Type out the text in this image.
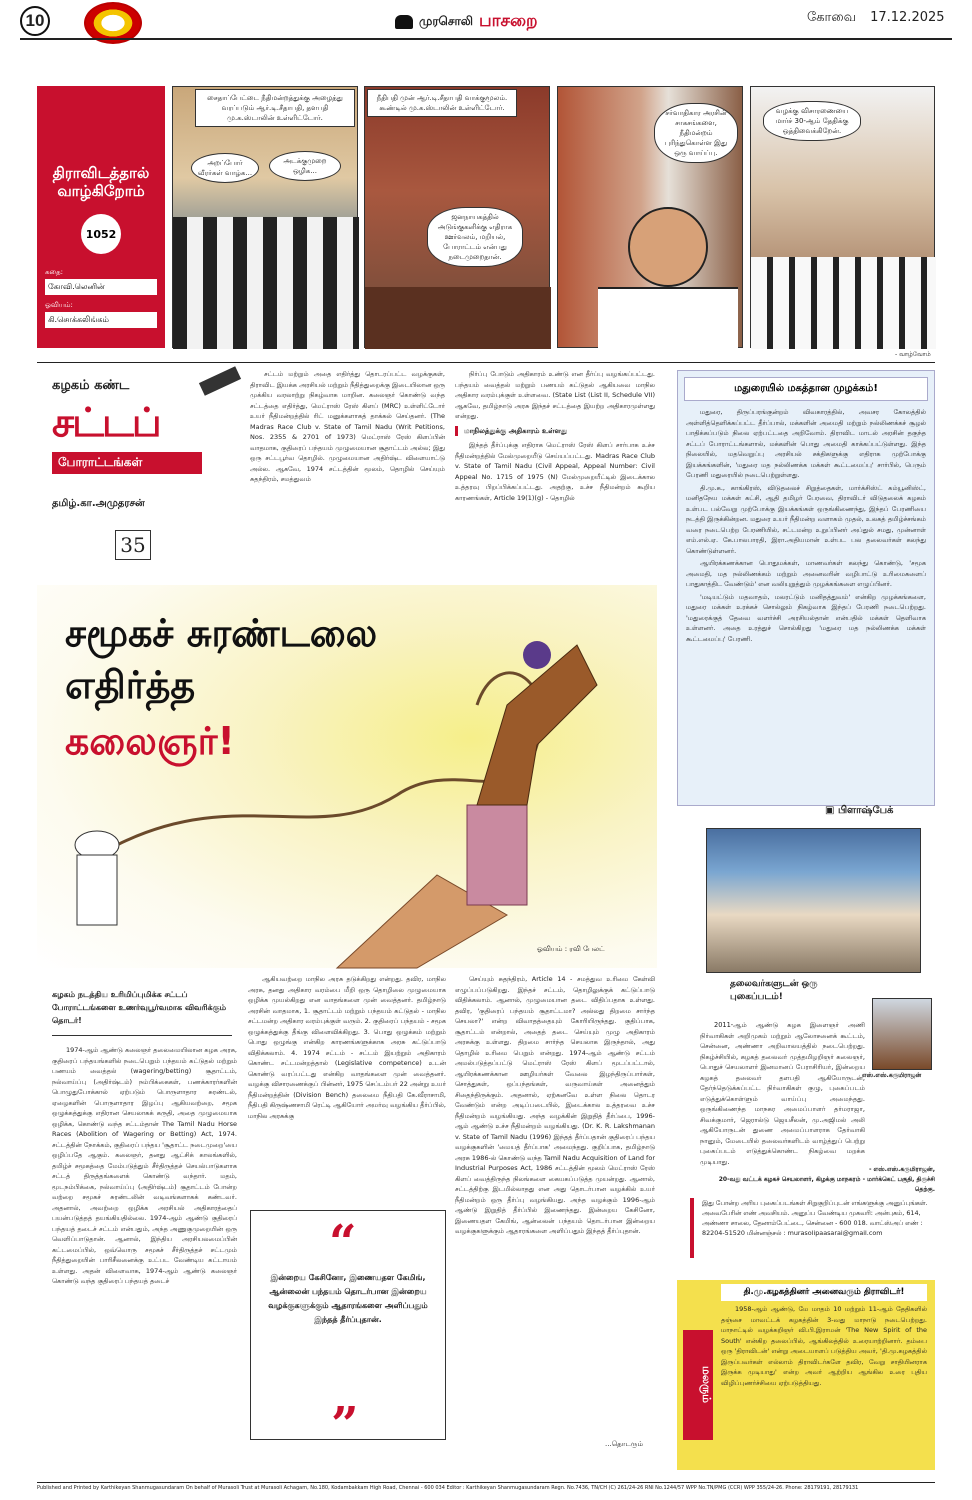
10	முரசொலி பாசறை	கோவை 17.12.2025
திராவிடத்தால் வாழ்கிறோம்
1052
கதை:
கோவி.லெனின்
ஓவியம்:
கி.சொக்கலிங்கம்
சைதாப்பேட்டை நீதிமன்றத்துக்கு அழைத்து வரப்படும் ஆர்.டி.சீதாபதி, தளபதி மு.க.ஸ்டாலின் உள்ளிட்டோர்.
அறப்போர் வீரர்கள் வாழ்க...
அடக்குமுறை ஒழிக...
நீதிபதி முன் ஆர்.டி.சீதாபதி வாக்குமூலம். கூண்டில் மு.க.ஸ்டாலின் உள்ளிட்டோர்.
ஜனநாயகத்தில் அடுங்குகளிக்கு எதிராக ஊர்வலம், மறியல், போராட்டம் என்பது நடைமுறைதான்.
சர்வாதிகார அரசின் சாகசங்களை, நீதிமன்றம் புரிந்துகொள்ள இது ஒரு வாய்ப்பு.
வழக்கு விசாரணையை மார்ச் 30-ஆம் தேதிக்கு ஒத்திவைக்கிறேன்.
- வாழ்வோம்
கழகம் கண்ட
சட்டப்
போராட்டங்கள்
தமிழ்.கா.அமுதரசன்
35

சட்டம் மற்றும் அதை எதிர்த்து தொடரப்பட்ட வழக்குகள், திராவிட இயக்க அரசியல் மற்றும் நீதித்துறைக்கு இடையிலான ஒரு முக்கிய வரலாற்று நிகழ்வாக மாறின. கலைஞர் கொண்டு வந்த சட்டத்தை எதிர்த்து, மெட்ராஸ் ரேஸ் கிளப் (MRC) உள்ளிட்டோர் உயர் நீதிமன்றத்தில் ரிட் மனுக்களாகத் தாக்கல் செய்தனர். (The Madras Race Club v. State of Tamil Nadu (Writ Petitions, Nos. 2355 & 2701 of 1973) மெட்ராஸ் ரேஸ் கிளப்பின் வாதமாக, குதிரைப் பந்தயம் முழுமையான சூதாட்டம் அல்ல; இது ஒரு சட்டபூர்வ தொழில். முழுமையான அதிர்ஷ்ட விளையாட்டு அல்ல. ஆகவே, 1974 சட்டத்தின் மூலம், தொழில் செய்யும் சுதந்திரம், சமத்துவம்

நிர்ப்பு போடும் அதிகாரம் உண்டு என தீர்ப்பு வழங்கப்பட்டது. பந்தயம் வைத்தல் மற்றும் பணயம் கட்டுதல் ஆகியவை மாநில அதிகார வரம்புக்குள் உள்ளவை. (State List (List II, Schedule VII) ஆகவே, தமிழ்நாடு அரசு இந்தச் சட்டத்தை இயற்ற அதிகாரமுள்ளது என்றது.

மாநிலத்துக்கு அதிகாரம் உள்ளது

இந்தத் தீர்ப்புக்கு எதிராக மெட்ராஸ் ரேஸ் கிளப் சார்பாக உச்ச நீதிமன்றத்தில் மேல்முறையீடு செய்யப்பட்டது. Madras Race Club v. State of Tamil Nadu (Civil Appeal, Appeal Number: Civil Appeal No. 1715 of 1975 (N) மேல்முறையீட்டில் இடைக்கால உத்தரவு பிறப்பிக்கப்பட்டது. அதற்கு, உச்ச நீதிமன்றம் கூறிய காரணங்கள், Article 19(1)(g) - தொழில்

சமூகச் சுரண்டலை
எதிர்த்த
கலைஞர்!
ஓவியம் : ரவி பேலட்
கழகம் நடத்திய உரிமிப்புமிக்க சட்டப் போராட்டங்களை உணர்வுபூர்வமாக விவரிக்கும் தொடர்!

1974-ஆம் ஆண்டு கலைஞர் தலைமையிலான கழக அரசு, குதிரைப் பந்தயங்களில் நடைபெறும் பந்தயம் கட்டுதல் மற்றும் பணயம் வைத்தல் (wagering/betting) சூதாட்டம், நல்வாய்ப்பு (அதிர்ஷ்டம்) நம்பிக்கைகள், பணக்காரர்களின் பொழுதுபோக்கால் ஏற்படும் பொருளாதார சுரண்டல், ஏழைகளின் பொருளாதார இழப்பு ஆகியவற்றை, சமூக ஒழுக்கத்துக்கு எதிரான செயலாகக் கருதி, அதை முழுமையாக ஒழிக்க, கொண்டு வந்த சட்டம்தான் The Tamil Nadu Horse Races (Abolition of Wagering or Betting) Act, 1974. சட்டத்தின் நோக்கம், குதிரைப் பந்தய 'சூதாட்ட நடைமுறை'யை ஒழிப்பதே ஆகும். கலைஞர், தனது ஆட்சிக் காலங்களில், தமிழ்ச் சமூகத்தை மேம்படுத்தும் சீர்திருத்தச் செயல்பாடுகளாக சட்டத் திருத்தங்களைக் கொண்டு வந்தார். மதம், மூடநம்பிக்கை, நல்வாய்ப்பு (அதிர்ஷ்டம்) சூதாட்டம் போன்ற வற்றை சமூகச் சுரண்டலின் வடிவங்களாகக் கண்டவர். அதனால், அவற்றை ஒழிக்க அரசியல் அதிகாரத்தைப் பயன்படுத்தத் தயங்கியதில்லை. 1974-ஆம் ஆண்டு குதிரைப் பந்தயத் தடைச் சட்டம் என்பதும், அந்த அணுகுமுறையின் ஒரு வெளிப்பாடுதான். ஆனால், இந்திய அரசியலமைப்பின் கட்டமைப்பில், ஒவ்வொரு சமூகச் சீர்திருத்தச் சட்டமும் நீதித்துறையின் பாரிசீலனைக்கு உட்பட வேண்டிய கட்டாயம் உள்ளது. அதன் விளைவாக, 1974-ஆம் ஆண்டு கலைஞர் கொண்டு வந்த குதிரைப் பந்தயத் தடைச்

ஆகியவற்றை மாநில அரசு தடுக்கிறது என்றது. தவிர, மாநில அரசு, தனது அதிகார வரம்பை மீறி ஒரு தொழிலை முழுமையாக ஒழிக்க முயல்கிறது என வாதங்களை முன் வைத்தனர். தமிழ்நாடு அரசின் வாதமாக, 1. சூதாட்டம் மற்றும் பந்தயம் கட்டுதல் - மாநில சட்டமன்ற அதிகார வரம்புக்குள் வரும். 2. குதிரைப் பந்தயம் - சமூக ஒழுக்கத்துக்கு தீங்கு விளைவிக்கிறது. 3. பொது ஒழுக்கம் மற்றும் பொது ஒழுங்கு என்கிற காரணங்களுக்காக அரசு கட்டுப்பாடு விதிக்கலாம். 4. 1974 சட்டம் - சட்டம் இயற்றும் அதிகாரம் கொண்ட சட்டமன்றத்தால் (Legislative competence) உடன் கொண்டு வரப்பட்டது என்கிற வாதங்களை முன் வைத்தனர். வழக்கு விசாரணைக்குப் பின்னர், 1975 செப்டம்பர் 22 அன்று உயர் நீதிமன்றத்தின் (Division Bench) தலைமை நீதிபதி கே.வீராசாமி, நீதிபதி கிருஷ்ணசாமி ரெட்டி ஆகியோர் அமர்வு வழங்கிய தீர்ப்பில், மாநில அரசுக்கு

“
இன்றைய கேசினோ, இணையதள கேமிங், ஆன்லைன் பந்தயம் தொடர்பான இன்றைய வழக்குகளுக்கும் ஆதாரங்களை அளிப்பதும் இந்தத் தீர்ப்புதான்.
”

செய்யும் சுதந்திரம், Article 14 - சமத்துவ உரிமை கேள்வி எழுப்பப்படுகிறது. இந்தச் சட்டம், தொழிலுக்குக் கட்டுப்பாடு விதிக்கலாம். ஆனால், முழுமையான தடை விதிப்பதாக உள்ளது. தவிர, 'குதிரைப் பந்தயம் சூதாட்டமா? அல்லது திறமை சார்ந்த செயலா?' என்ற விவாதத்தையும் கோரியிருந்தது. குதிப்பாக, சூதாட்டம் என்றால், அதைத் தடை செய்யும் முழு அதிகாரம் அரசுக்கு உள்ளது. திறமை சார்ந்த செயலாக இருந்தால், அது தொழில் உரிமை பெறும் என்றது. 1974-ஆம் ஆண்டு சட்டம் அமல்படுத்தப்பட்டு மெட்ராஸ் ரேஸ் கிளப் மூடப்பட்டால், ஆயிரக்கணக்கான ஊழியர்கள் வேலை இழந்திருப்பார்கள், சொத்துகள், ஒப்பந்தங்கள், வருவாய்கள் அனைத்தும் சிதைந்திருக்கும். அதனால், ஏற்கனவே உள்ள நிலை தொடர வேண்டும் என்ற அடிப்படையில், இடைக்கால உத்தரவை உச்ச நீதிமன்றம் வழங்கியது. அந்த வழக்கின் இறுதித் தீர்ப்பை, 1996-ஆம் ஆண்டு உச்ச நீதிமன்றம் வழங்கியது. (Dr. K. R. Lakshmanan v. State of Tamil Nadu (1996) இந்தத் தீர்ப்பதான் குதிரைப் பந்தய வழக்குகளின் 'மையத் தீர்ப்பாக' அமைந்தது. குறிப்பாக, தமிழ்நாடு அரசு 1986-ல் கொண்டு வந்த Tamil Nadu Acquisition of Land for Industrial Purposes Act, 1986 சட்டத்தின் மூலம் மெட்ராஸ் ரேஸ் கிளப் வைத்திருந்த நிலங்களை கையகப்படுத்த முயன்றது. ஆனால், சட்டத்திற்கு இடமில்லாதது என அது தொடர்பான வழக்கில் உயர் நீதிமன்றம் ஒரு தீர்ப்பு வழங்கியது. அந்த வழக்கும் 1996-ஆம் ஆண்டு இறுதித் தீர்ப்பில் இணைந்தது. இன்றைய கேசினோ, இணையதள கேமிங், ஆன்லைன் பந்தயம் தொடர்பான இன்றைய வழக்குகளுக்கும் ஆதாரங்களை அளிப்பதும் இந்தத் தீர்ப்புதான்.

...தொடரும்
மதுரையில் மகத்தான முழக்கம்!

மதுரை, திருப்பரங்குன்றம் விவகாரத்தில், அவசர கோலத்தில் அள்ளித்தெளிக்கப்பட்ட தீர்ப்பால், மக்களின் அமைதி மற்றும் நல்லிணக்கச் சூழல் பாதிக்கப்படும் நிலை ஏற்பட்டதை அறிவோம். திராவிட மாடல் அரசின் தகுந்த சட்டப் போராட்டங்களால், மக்களின் பொது அமைதி காக்கப்பட்டுள்ளது. இந்த நிலையில், மதவெறுப்பு அரசியல் சக்திகளுக்கு எதிராக முற்போக்கு இயக்கங்களின், 'மதுரை மத நல்லிணக்க மக்கள் கூட்டமைப்பு' சார்பில், பெரும் பேரணி மதுரையில் நடைபெற்றுள்ளது.

தி.மு.க., காங்கிரஸ், விடுதலைச் சிறுத்தைகள், மார்க்சிஸ்ட் கம்யூனிஸ்ட், மனிதநேய மக்கள் கட்சி, ஆதி தமிழர் பேரவை, திராவிடர் விடுதலைக் கழகம் உள்பட பல்வேறு முற்போக்கு இயக்கங்கள் ஒருங்கிணைந்து, இந்தப் பேரணியை நடத்தி இருக்கின்றன. மதுரை உயர் நீதிமன்ற வளாகம் முதல், உலகத் தமிழ்ச்சங்கம் வரை நடைபெற்ற பேரணியில், சட்டமன்ற உறுப்பினர் அப்துல் சமது, முன்னாள் எம்.எல்.ஏ. கே.பாலபாரதி, இரா.அதியமான் உள்பட பல தலைவர்கள் கலந்து கொண்டுள்ளனர்.

ஆயிரக்கணக்கான பொதுமக்கள், மாணவர்கள் கலந்து கொண்டு, 'சமூக அமைதி, மத நல்லிணக்கம் மற்றும் அனைவரின் வழிபாட்டு உரிமைகளைப் பாதுகாத்திட வேண்டும்' என வலியுறுத்தும் முழக்கங்களை எழுப்பினர்.

'மடியட்டும் மதவாதம், மலரட்டும் மனிதத்துவம்' என்கிற முழக்கங்களை, மதுரை மக்கள் உரக்கச் சொல்லும் நிகழ்வாக இந்தப் பேரணி நடைபெற்றது. 'மதுரைக்குத் தேவை வளர்ச்சி அரசியல்தான் என்பதில் மக்கள் தெளிவாக உள்ளனர். அதை உரத்துச் சொல்கிறது 'மதுரை மத நல்லிணக்க மக்கள் கூட்டமைப்பு' பேரணி.

▣ பிளாஷ்பேக்
தலைவர்களுடன் ஒரு புகைப்படம்!
எஸ்.எஸ்.கருமிராஜன்

2011-ஆம் ஆண்டு கழக இளைஞர் அணி நிர்வாகிகள் அறிமுகம் மற்றும் ஆலோசனைக் கூட்டம், சென்னை, அண்ணா அறிவாலயத்தில் நடைபெற்றது. நிகழ்ச்சியில், கழகத் தலைவர் முத்தமிழறிஞர் கலைஞர், பொதுச் செயலாளர் இனமானப் பேராசிரியர், இன்றைய கழகத் தலைவர் தளபதி ஆகியோருடன், தேர்ந்தெடுக்கப்பட்ட நிர்வாகிகள் குழு, புகைப்படம் எடுத்துக்கொள்ளும் வாய்ப்பு அமைந்தது. ஒருங்கிணைந்த மாநகர அமைப்பாளர் தர்மராஜா, சிவக்குமார், ஜெரால்டு ஜெயசீலன், மு.அஜிமல் அலி ஆகியோருடன் துணை அமைப்பாளராக தேர்வாகி நானும், மேடையில் தலைவர்களிடம் வாழ்த்துப் பெற்று புகைப்படம் எடுத்துக்கொண்ட நிகழ்வை மறக்க முடியாது.

- எஸ்.எஸ்.கருமிராஜன்,
20-வது வட்டக் கழகச் செயலாளர், கிழக்கு மாநகரம் - மார்க்கெட் பகுதி, திருச்சி தெற்கு.
இது போன்ற அரிய புகைப்படங்கள் சிறுகுறிப்புடன் எங்களுக்கு அனுப்புங்கள். அவைபேரின் எண் அவசியம். அனுப்ப வேண்டிய முகவரி: அன்புகம், 614, அண்ணா சாலை, தேனாம்பேட்டை, சென்னை - 600 018. வாட்ஸ்அப் எண் : 82204-51520 மின்னஞ்சல் : murasolipaasarai@gmail.com
மலரும்
தி.மு.கழகத்தினர் அனைவரும் திராவிடர்!

1958-ஆம் ஆண்டு, மே மாதம் 10 மற்றும் 11-ஆம் தேதிகளில் தஞ்சை மாவட்டக் கழகத்தின் 3-வது மாநாடு நடைபெற்றது. மாநாட்டில் வழக்கறிஞர் வி.பி.இராமன் 'The New Spirit of the South' என்கிற தலைப்பில், ஆங்கிலத்தில் உரையாற்றினார். தம்பை ஒரு 'திராவிடன்' என்று அடையாளப் படுத்திய அவர், 'தி.மு.கழகத்தில் இருப்பவர்கள் எல்லாம் திராவிடர்களே தவிர, வேறு சாதியினராக இருக்க முடியாது' என்ற அவர் ஆற்றிய ஆங்கில உரை புதிய விழிப்புணர்ச்சியை ஏற்படுத்தியது.

Published and Printed by Karthikeyan Shanmugasundaram On behalf of Murasoli Trust at Murasoli Achagam, No.180, Kodambakkam High Road, Chennai - 600 034 Editor : Karthikeyan Shanmugasundaram Regn. No.7436, TN/CH (C) 261/24-26 RNI No.1244/57 WPP No.TN/PMG (CCR) WPP 355/24-26. Phone: 28179191, 28179131
